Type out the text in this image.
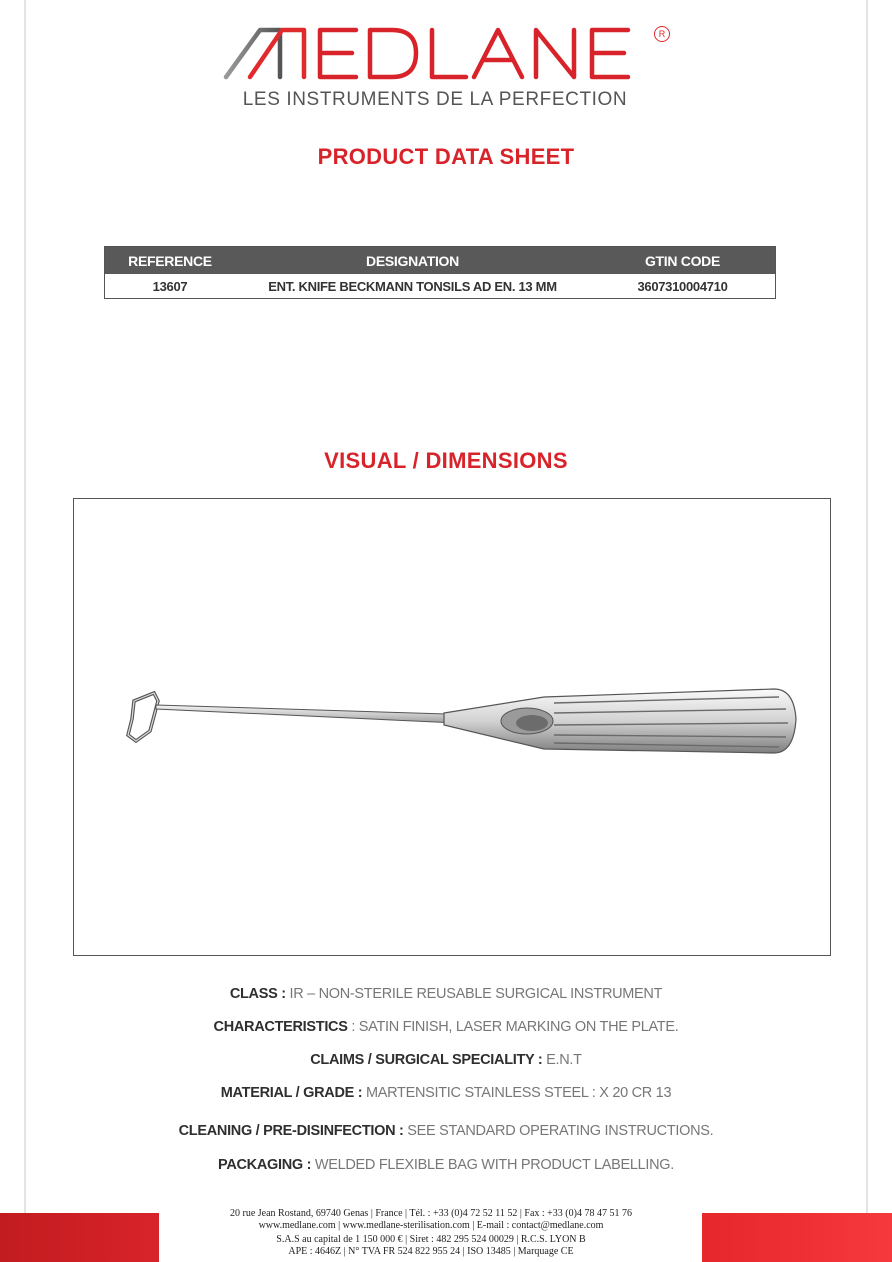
R
LES INSTRUMENTS DE LA PERFECTION
PRODUCT DATA SHEET
REFERENCE	DESIGNATION	GTIN CODE
13607	ENT. KNIFE BECKMANN TONSILS AD EN. 13 MM	3607310004710
VISUAL / DIMENSIONS
CLASS : IR – NON-STERILE REUSABLE SURGICAL INSTRUMENT
CHARACTERISTICS : SATIN FINISH, LASER MARKING ON THE PLATE.
CLAIMS / SURGICAL SPECIALITY : E.N.T
MATERIAL / GRADE : MARTENSITIC STAINLESS STEEL : X 20 CR 13
CLEANING / PRE-DISINFECTION : SEE STANDARD OPERATING INSTRUCTIONS.
PACKAGING : WELDED FLEXIBLE BAG WITH PRODUCT LABELLING.
20 rue Jean Rostand, 69740 Genas | France | Tél. : +33 (0)4 72 52 11 52 | Fax : +33 (0)4 78 47 51 76
www.medlane.com | www.medlane-sterilisation.com | E-mail : contact@medlane.com
S.A.S au capital de 1 150 000 € | Siret : 482 295 524 00029 | R.C.S. LYON B
APE : 4646Z | N° TVA FR 524 822 955 24 | ISO 13485 | Marquage CE
